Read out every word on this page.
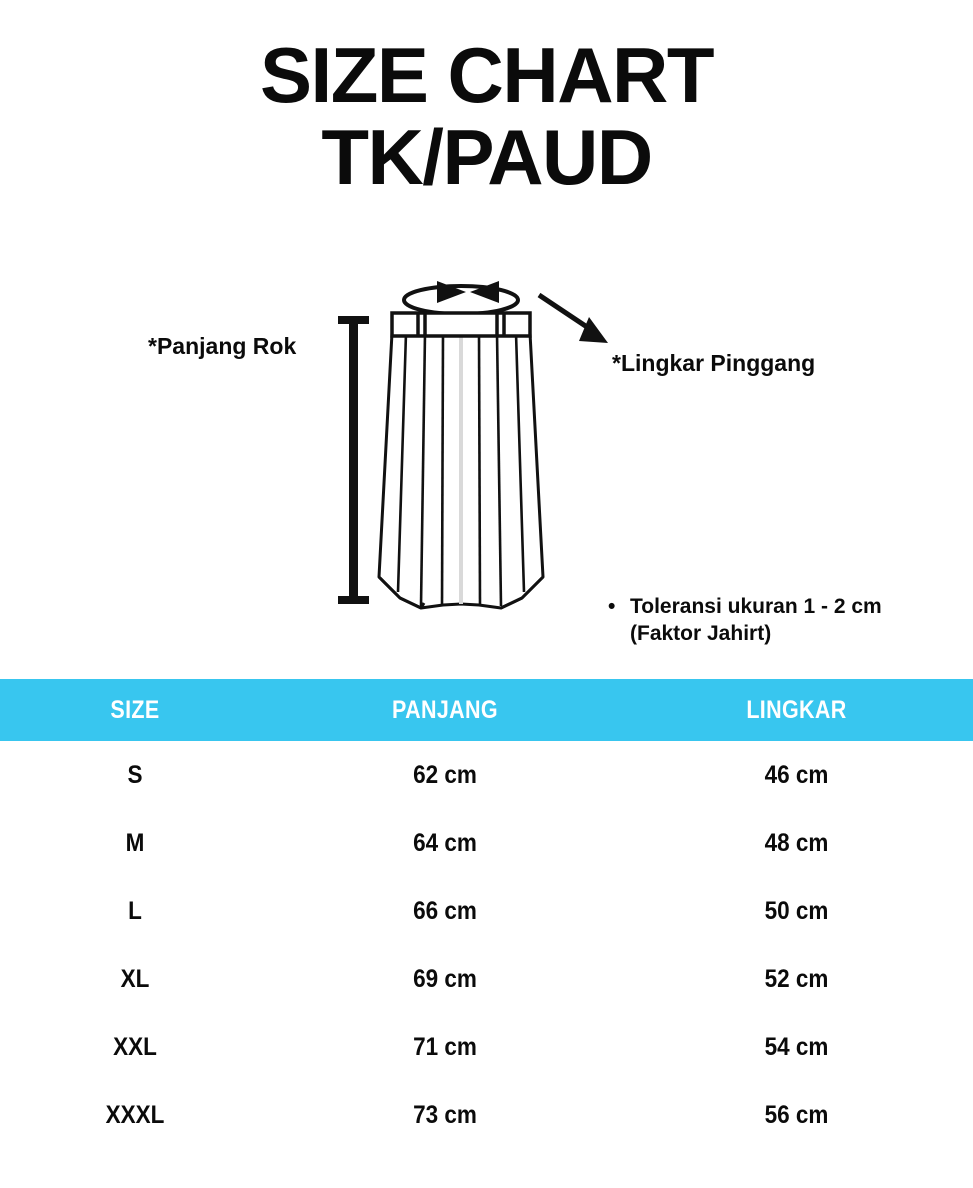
SIZE CHART
TK/PAUD
*Panjang Rok
*Lingkar Pinggang
• Toleransi ukuran 1 - 2 cm
(Faktor Jahirt)
SIZE	PANJANG	LINGKAR
S	62 cm	46 cm
M	64 cm	48 cm
L	66 cm	50 cm
XL	69 cm	52 cm
XXL	71 cm	54 cm
XXXL	73 cm	56 cm
